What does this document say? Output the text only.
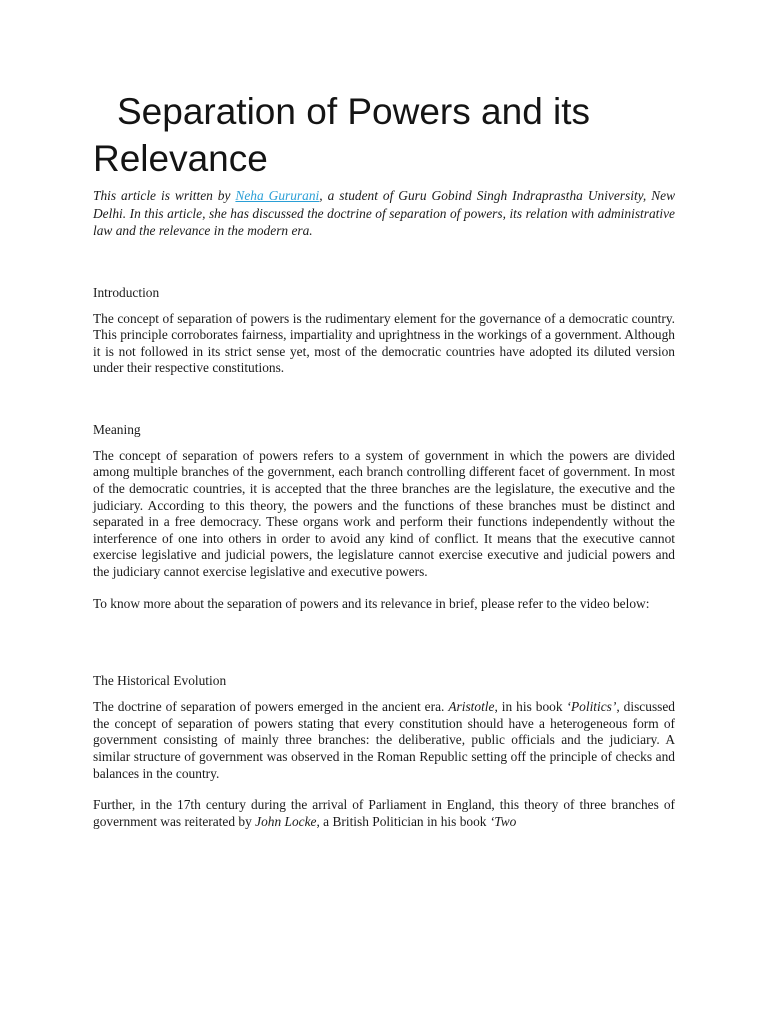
Separation of Powers and its Relevance

This article is written by Neha Gururani, a student of Guru Gobind Singh Indraprastha University, New Delhi. In this article, she has discussed the doctrine of separation of powers, its relation with administrative law and the relevance in the modern era.

Introduction

The concept of separation of powers is the rudimentary element for the governance of a democratic country. This principle corroborates fairness, impartiality and uprightness in the workings of a government. Although it is not followed in its strict sense yet, most of the democratic countries have adopted its diluted version under their respective constitutions.

Meaning

The concept of separation of powers refers to a system of government in which the powers are divided among multiple branches of the government, each branch controlling different facet of government. In most of the democratic countries, it is accepted that the three branches are the legislature, the executive and the judiciary. According to this theory, the powers and the functions of these branches must be distinct and separated in a free democracy. These organs work and perform their functions independently without the interference of one into others in order to avoid any kind of conflict. It means that the executive cannot exercise legislative and judicial powers, the legislature cannot exercise executive and judicial powers and the judiciary cannot exercise legislative and executive powers.

To know more about the separation of powers and its relevance in brief, please refer to the video below:

The Historical Evolution

The doctrine of separation of powers emerged in the ancient era. Aristotle, in his book ‘Politics’, discussed the concept of separation of powers stating that every constitution should have a heterogeneous form of government consisting of mainly three branches: the deliberative, public officials and the judiciary. A similar structure of government was observed in the Roman Republic setting off the principle of checks and balances in the country.

Further, in the 17th century during the arrival of Parliament in England, this theory of three branches of government was reiterated by John Locke, a British Politician in his book ‘Two
